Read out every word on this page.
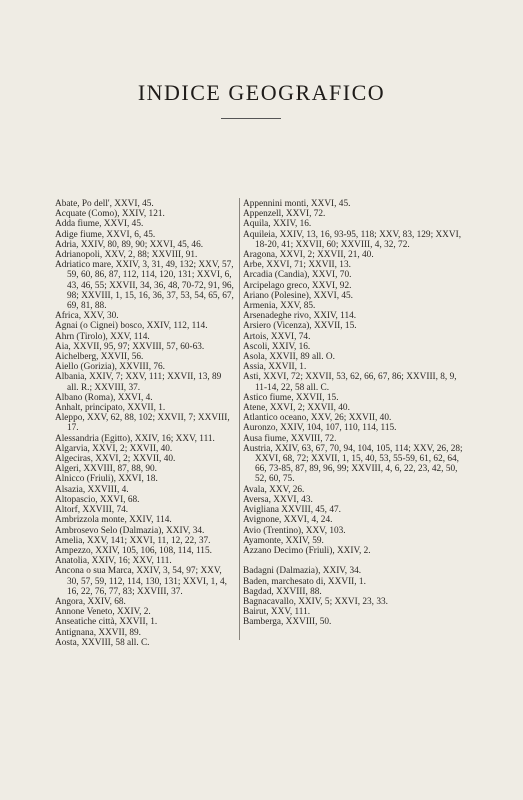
INDICE GEOGRAFICO
Abate, Po dell', XXVI, 45.
Acquate (Como), XXIV, 121.
Adda fiume, XXVI, 45.
Adige fiume, XXVI, 6, 45.
Adria, XXIV, 80, 89, 90; XXVI, 45, 46.
Adrianopoli, XXV, 2, 88; XXVIII, 91.
Adriatico mare, XXIV, 3, 31, 49, 132; XXV, 57, 59, 60, 86, 87, 112, 114, 120, 131; XXVI, 6, 43, 46, 55; XXVII, 34, 36, 48, 70-72, 91, 96, 98; XXVIII, 1, 15, 16, 36, 37, 53, 54, 65, 67, 69, 81, 88.
Africa, XXV, 30.
Agnai (o Cignei) bosco, XXIV, 112, 114.
Ahrn (Tirolo), XXV, 114.
Aia, XXVII, 95, 97; XXVIII, 57, 60-63.
Aichelberg, XXVII, 56.
Aiello (Gorizia), XXVIII, 76.
Albania, XXIV, 7; XXV, 111; XXVII, 13, 89 all. R.; XXVIII, 37.
Albano (Roma), XXVI, 4.
Anhalt, principato, XXVII, 1.
Aleppo, XXV, 62, 88, 102; XXVII, 7; XXVIII, 17.
Alessandria (Egitto), XXIV, 16; XXV, 111.
Algarvia, XXVI, 2; XXVII, 40.
Algeciras, XXVI, 2; XXVII, 40.
Algeri, XXVIII, 87, 88, 90.
Alnicco (Friuli), XXVI, 18.
Alsazia, XXVIII, 4.
Altopascio, XXVI, 68.
Altorf, XXVIII, 74.
Ambrizzola monte, XXIV, 114.
Ambrosevo Selo (Dalmazia), XXIV, 34.
Amelia, XXV, 141; XXVI, 11, 12, 22, 37.
Ampezzo, XXIV, 105, 106, 108, 114, 115.
Anatolia, XXIV, 16; XXV, 111.
Ancona o sua Marca, XXIV, 3, 54, 97; XXV, 30, 57, 59, 112, 114, 130, 131; XXVI, 1, 4, 16, 22, 76, 77, 83; XXVIII, 37.
Angora, XXIV, 68.
Annone Veneto, XXIV, 2.
Anseatiche città, XXVII, 1.
Antignana, XXVII, 89.
Aosta, XXVIII, 58 all. C.
Appennini monti, XXVI, 45.
Appenzell, XXVI, 72.
Aquila, XXIV, 16.
Aquileia, XXIV, 13, 16, 93-95, 118; XXV, 83, 129; XXVI, 18-20, 41; XXVII, 60; XXVIII, 4, 32, 72.
Aragona, XXVI, 2; XXVII, 21, 40.
Arbe, XXVI, 71; XXVII, 13.
Arcadia (Candia), XXVI, 70.
Arcipelago greco, XXVI, 92.
Ariano (Polesine), XXVI, 45.
Armenia, XXV, 85.
Arsenadeghe rivo, XXIV, 114.
Arsiero (Vicenza), XXVII, 15.
Artois, XXVI, 74.
Ascoli, XXIV, 16.
Asola, XXVII, 89 all. O.
Assia, XXVII, 1.
Asti, XXVI, 72; XXVII, 53, 62, 66, 67, 86; XXVIII, 8, 9, 11-14, 22, 58 all. C.
Astico fiume, XXVII, 15.
Atene, XXVI, 2; XXVII, 40.
Atlantico oceano, XXV, 26; XXVII, 40.
Auronzo, XXIV, 104, 107, 110, 114, 115.
Ausa fiume, XXVIII, 72.
Austria, XXIV, 63, 67, 70, 94, 104, 105, 114; XXV, 26, 28; XXVI, 68, 72; XXVII, 1, 15, 40, 53, 55-59, 61, 62, 64, 66, 73-85, 87, 89, 96, 99; XXVIII, 4, 6, 22, 23, 42, 50, 52, 60, 75.
Avala, XXV, 26.
Aversa, XXVI, 43.
Avigliana XXVIII, 45, 47.
Avignone, XXVI, 4, 24.
Avio (Trentino), XXV, 103.
Ayamonte, XXIV, 59.
Azzano Decimo (Friuli), XXIV, 2.
Badagni (Dalmazia), XXIV, 34.
Baden, marchesato di, XXVII, 1.
Bagdad, XXVIII, 88.
Bagnacavallo, XXIV, 5; XXVI, 23, 33.
Bairut, XXV, 111.
Bamberga, XXVIII, 50.
